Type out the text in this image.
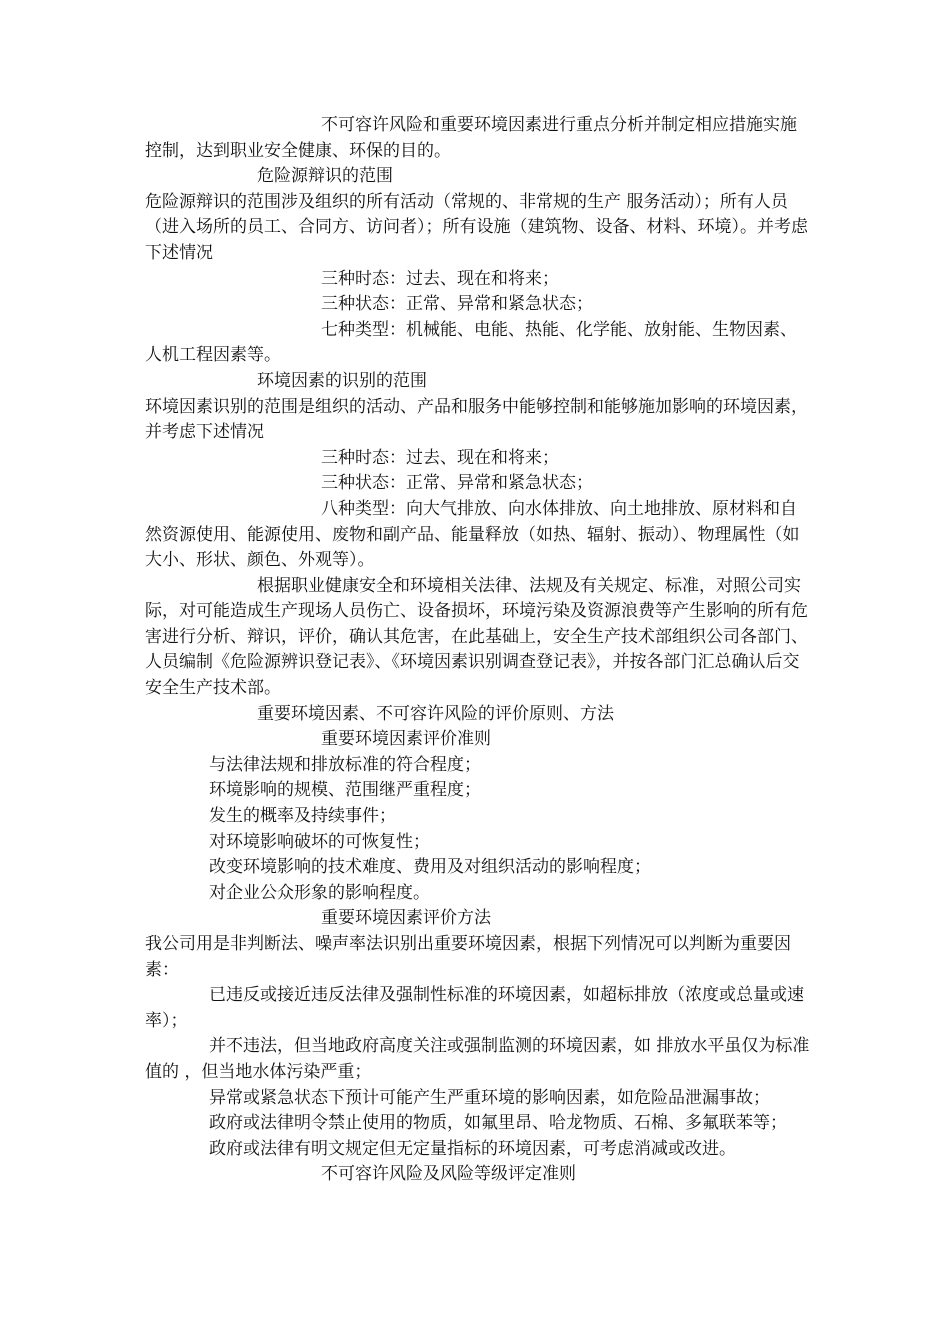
不可容许风险和重要环境因素进行重点分析并制定相应措施实施控制，达到职业安全健康、环保的目的。

危险源辩识的范围

危险源辩识的范围涉及组织的所有活动（常规的、非常规的生产 服务活动）；所有人员（进入场所的员工、合同方、访问者）；所有设施（建筑物、设备、材料、环境）。并考虑下述情况

三种时态：过去、现在和将来；

三种状态：正常、异常和紧急状态；

七种类型：机械能、电能、热能、化学能、放射能、生物因素、人机工程因素等。

环境因素的识别的范围

环境因素识别的范围是组织的活动、产品和服务中能够控制和能够施加影响的环境因素，并考虑下述情况

三种时态：过去、现在和将来；

三种状态：正常、异常和紧急状态；

八种类型：向大气排放、向水体排放、向土地排放、原材料和自然资源使用、能源使用、废物和副产品、能量释放（如热、辐射、振动）、物理属性（如大小、形状、颜色、外观等）。

根据职业健康安全和环境相关法律、法规及有关规定、标准，对照公司实际，对可能造成生产现场人员伤亡、设备损坏，环境污染及资源浪费等产生影响的所有危害进行分析、辩识，评价，确认其危害，在此基础上，安全生产技术部组织公司各部门、人员编制《危险源辨识登记表》、《环境因素识别调查登记表》，并按各部门汇总确认后交安全生产技术部。

重要环境因素、不可容许风险的评价原则、方法

重要环境因素评价准则

与法律法规和排放标准的符合程度；

环境影响的规模、范围继严重程度；

发生的概率及持续事件；

对环境影响破坏的可恢复性；

改变环境影响的技术难度、费用及对组织活动的影响程度；

对企业公众形象的影响程度。

重要环境因素评价方法

我公司用是非判断法、噪声率法识别出重要环境因素，根据下列情况可以判断为重要因素：

已违反或接近违反法律及强制性标准的环境因素，如超标排放（浓度或总量或速率）；

并不违法，但当地政府高度关注或强制监测的环境因素，如 排放水平虽仅为标准值的 ，但当地水体污染严重；

异常或紧急状态下预计可能产生严重环境的影响因素，如危险品泄漏事故；

政府或法律明令禁止使用的物质，如氟里昂、哈龙物质、石棉、多氟联苯等；

政府或法律有明文规定但无定量指标的环境因素，可考虑消减或改进。

不可容许风险及风险等级评定准则
